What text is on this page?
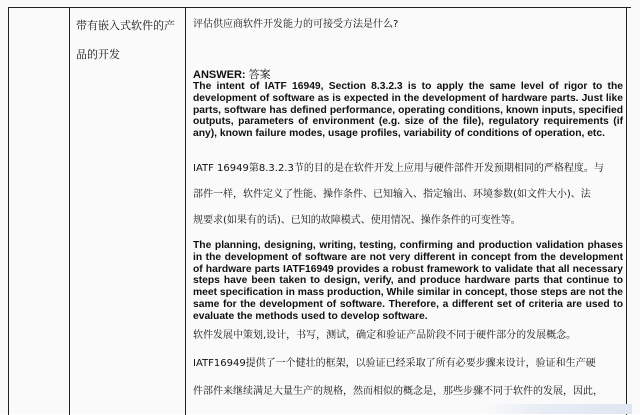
带有嵌入式软件的产
品的开发
评估供应商软件开发能力的可接受方法是什么?
ANSWER: 答案
The intent of IATF 16949, Section 8.3.2.3 is to apply the same level of rigor to the development of software as is expected in the development of hardware parts. Just like parts, software has defined performance, operating conditions, known inputs, specified outputs, parameters of environment (e.g. size of the file), regulatory requirements (if any), known failure modes, usage profiles, variability of conditions of operation, etc.
IATF 16949第8.3.2.3节的目的是在软件开发上应用与硬件部件开发预期相同的严格程度。与
部件一样，软件定义了性能、操作条件、已知输入、指定输出、环境参数(如文件大小)、法
规要求(如果有的话)、已知的故障模式、使用情况、操作条件的可变性等。
The planning, designing, writing, testing, confirming and production validation phases in the development of software are not very different in concept from the development of hardware parts IATF16949 provides a robust framework to validate that all necessary steps have been taken to design, verify, and produce hardware parts that continue to meet specification in mass production, While similar in concept, those steps are not the same for the development of software. Therefore, a different set of criteria are used to evaluate the methods used to develop software.
软件发展中策划,设计，书写，测试，确定和验证产品阶段不同于硬件部分的发展概念。
IATF16949提供了一个健壮的框架，以验证已经采取了所有必要步骤来设计，验证和生产硬
件部件来继续满足大量生产的规格，然而相似的概念是，那些步骤不同于软件的发展，因此，
